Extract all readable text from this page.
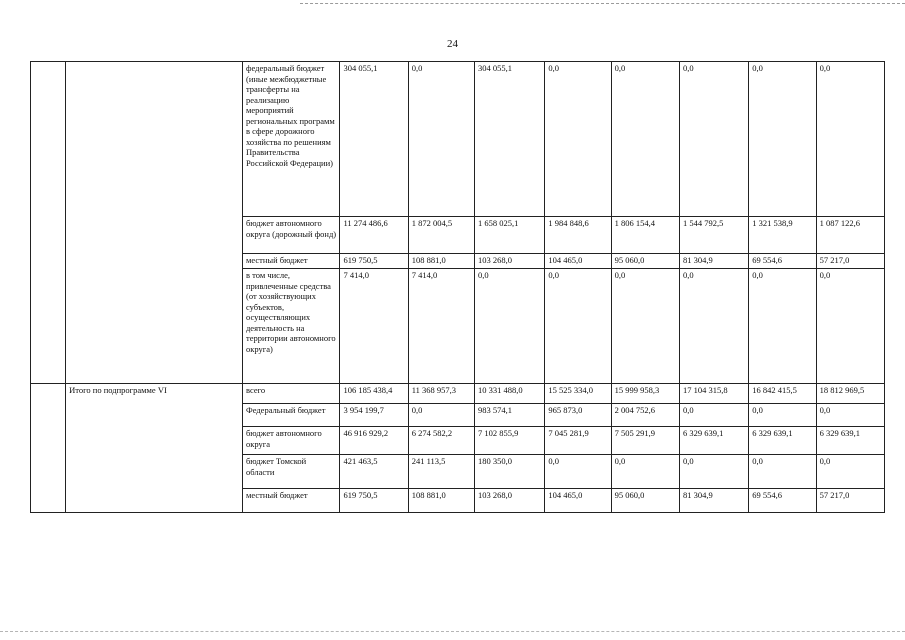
24
		федеральный бюджет (иные межбюджетные трансферты на реализацию мероприятий региональных программ в сфере дорожного хозяйства по решениям Правительства Российской Федерации)	304 055,1	0,0	304 055,1	0,0	0,0	0,0	0,0	0,0
		бюджет автономного округа (дорожный фонд)	11 274 486,6	1 872 004,5	1 658 025,1	1 984 848,6	1 806 154,4	1 544 792,5	1 321 538,9	1 087 122,6
		местный бюджет	619 750,5	108 881,0	103 268,0	104 465,0	95 060,0	81 304,9	69 554,6	57 217,0
		в том числе, привлеченные средства (от хозяйствующих субъектов, осуществляющих деятельность на территории автономного округа)	7 414,0	7 414,0	0,0	0,0	0,0	0,0	0,0	0,0
	Итого по подпрограмме VI	всего	106 185 438,4	11 368 957,3	10 331 488,0	15 525 334,0	15 999 958,3	17 104 315,8	16 842 415,5	18 812 969,5
		Федеральный бюджет	3 954 199,7	0,0	983 574,1	965 873,0	2 004 752,6	0,0	0,0	0,0
		бюджет автономного округа	46 916 929,2	6 274 582,2	7 102 855,9	7 045 281,9	7 505 291,9	6 329 639,1	6 329 639,1	6 329 639,1
		бюджет Томской области	421 463,5	241 113,5	180 350,0	0,0	0,0	0,0	0,0	0,0
		местный бюджет	619 750,5	108 881,0	103 268,0	104 465,0	95 060,0	81 304,9	69 554,6	57 217,0
